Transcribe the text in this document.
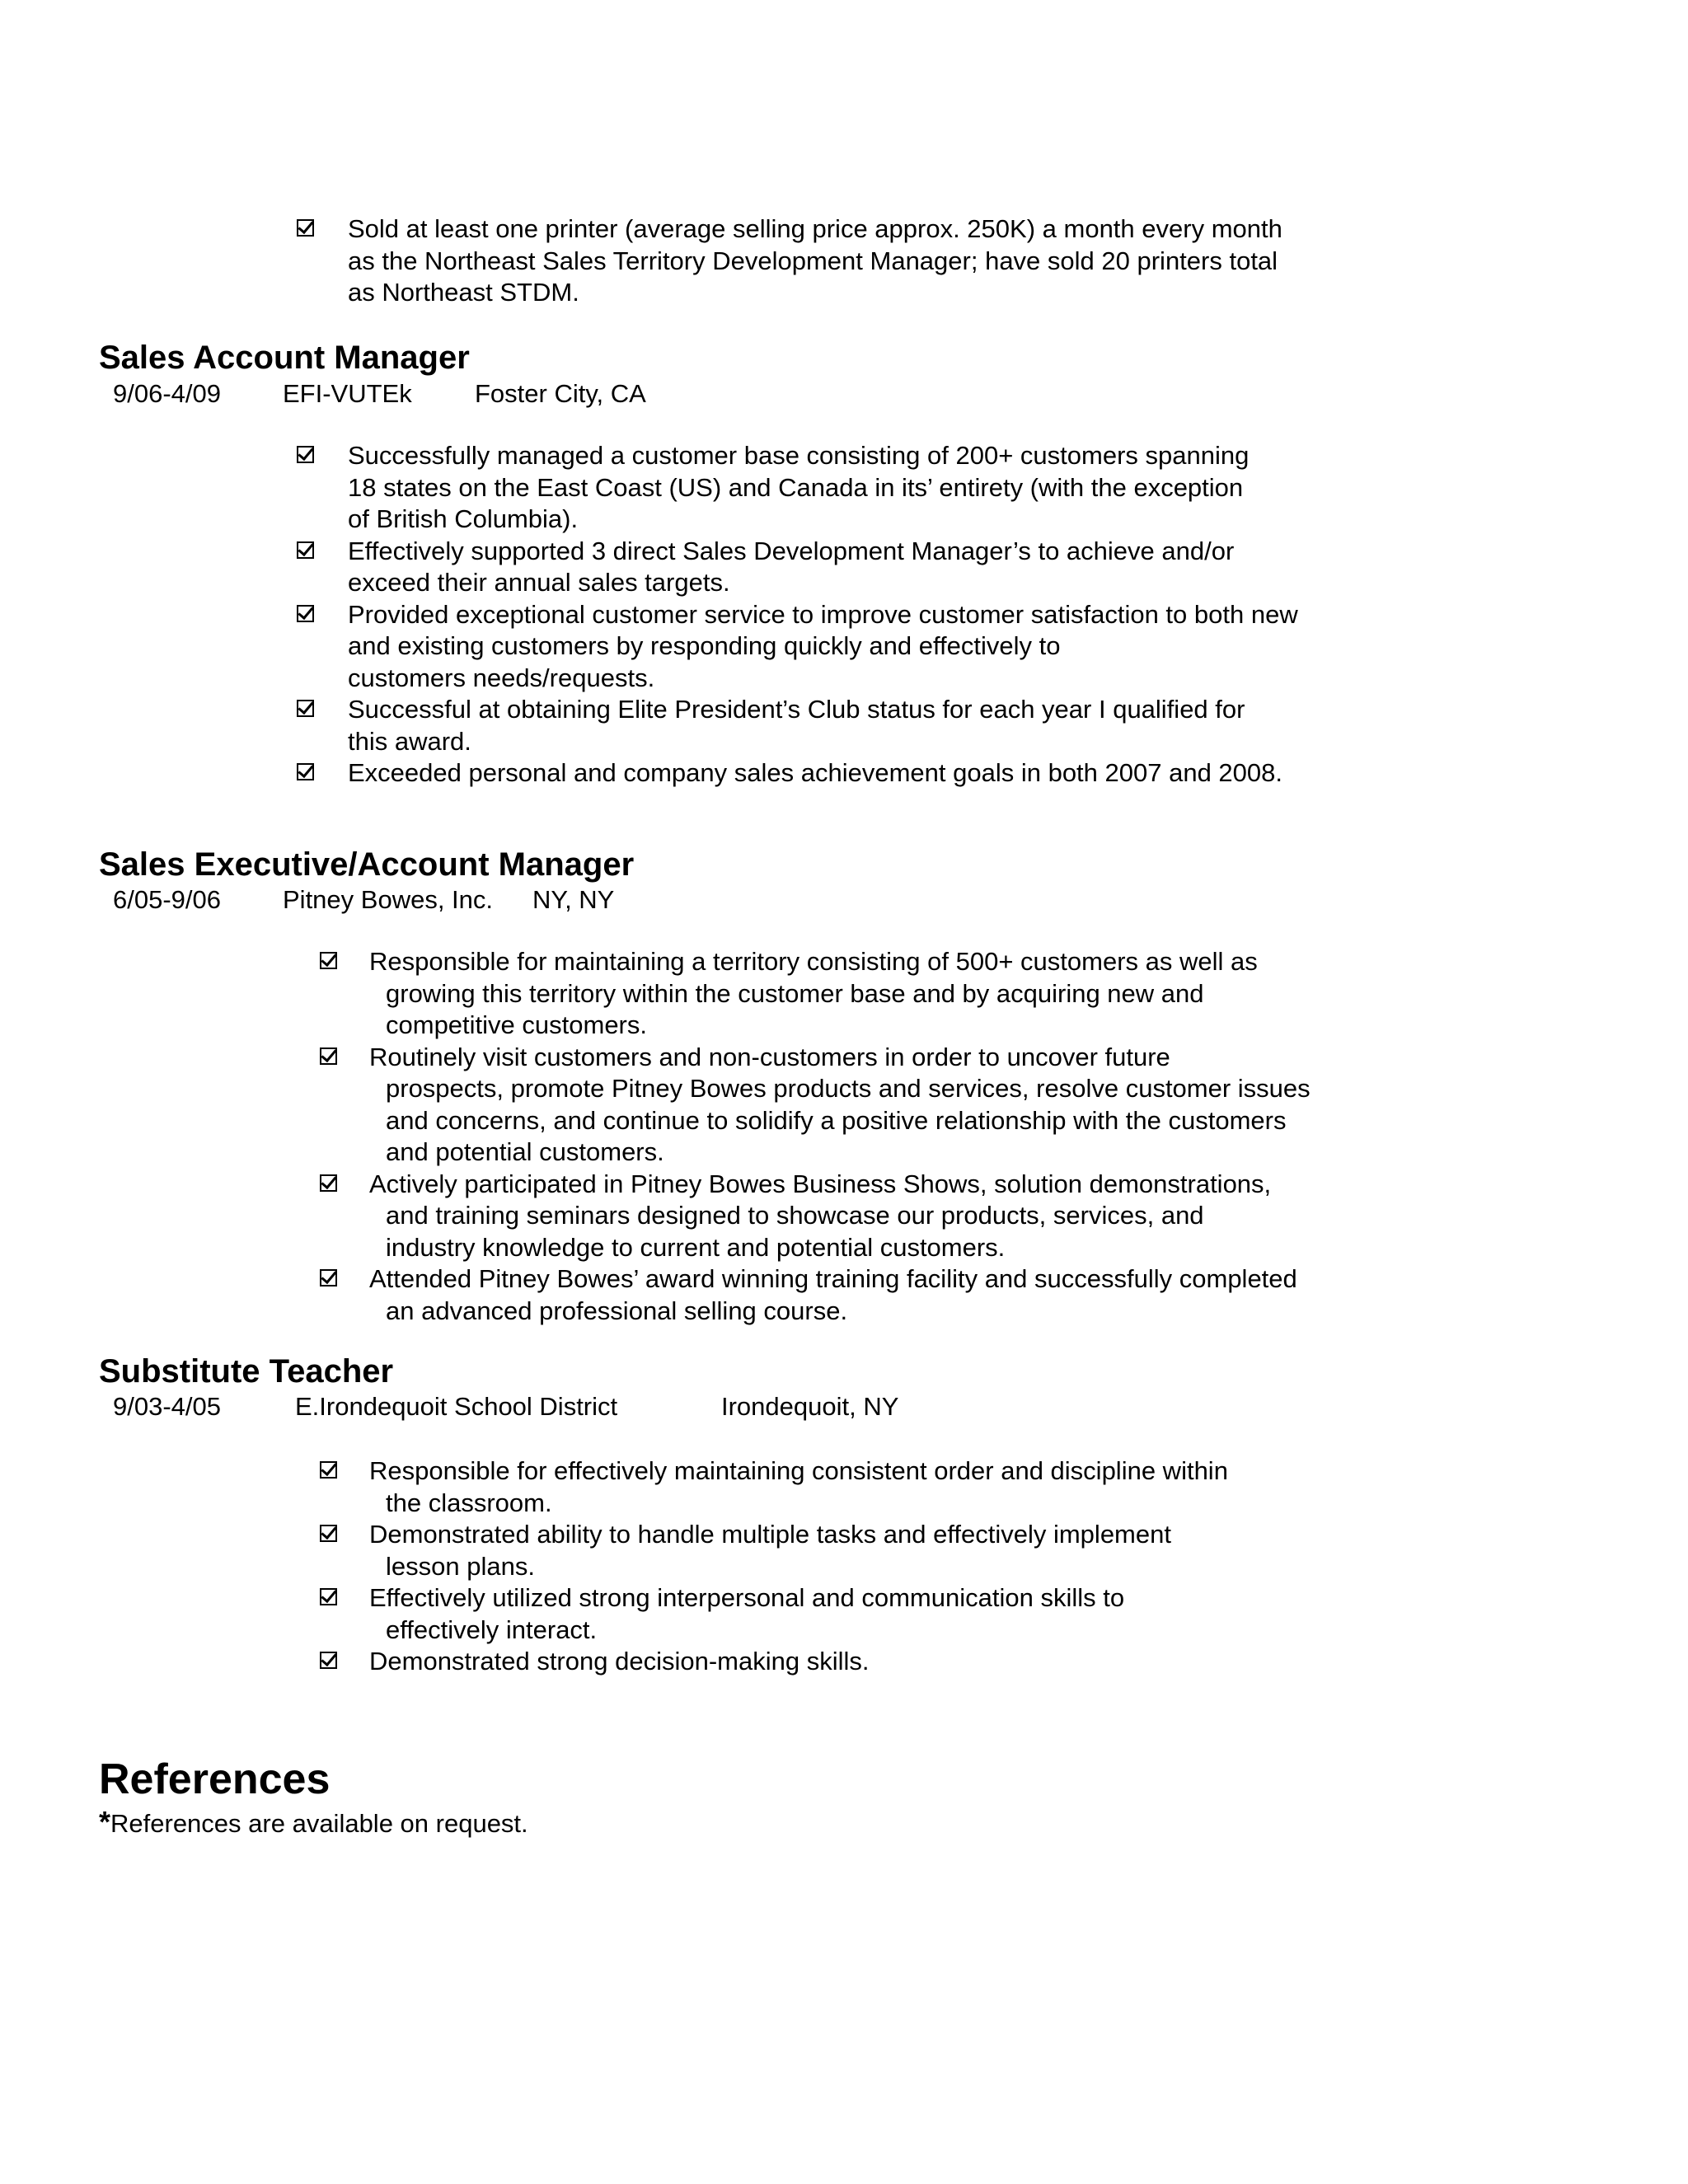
Sold at least one printer (average selling price approx. 250K) a month every month
as the Northeast Sales Territory Development Manager; have sold 20 printers total
as Northeast STDM.
Sales Account Manager
9/06-4/09 EFI-VUTEk Foster City, CA
Successfully managed a customer base consisting of 200+ customers spanning
18 states on the East Coast (US) and Canada in its’ entirety (with the exception
of British Columbia).
Effectively supported 3 direct Sales Development Manager’s to achieve and/or
exceed their annual sales targets.
Provided exceptional customer service to improve customer satisfaction to both new
and existing customers by responding quickly and effectively to
customers needs/requests.
Successful at obtaining Elite President’s Club status for each year I qualified for
this award.
Exceeded personal and company sales achievement goals in both 2007 and 2008.
Sales Executive/Account Manager
6/05-9/06 Pitney Bowes, Inc. NY, NY
Responsible for maintaining a territory consisting of 500+ customers as well as
growing this territory within the customer base and by acquiring new and
competitive customers.
Routinely visit customers and non-customers in order to uncover future
prospects, promote Pitney Bowes products and services, resolve customer issues
and concerns, and continue to solidify a positive relationship with the customers
and potential customers.
Actively participated in Pitney Bowes Business Shows, solution demonstrations,
and training seminars designed to showcase our products, services, and
industry knowledge to current and potential customers.
Attended Pitney Bowes’ award winning training facility and successfully completed
an advanced professional selling course.
Substitute Teacher
9/03-4/05	E.Irondequoit School District	Irondequoit, NY
Responsible for effectively maintaining consistent order and discipline within
the classroom.
Demonstrated ability to handle multiple tasks and effectively implement
lesson plans.
Effectively utilized strong interpersonal and communication skills to
effectively interact.
Demonstrated strong decision-making skills.
References
*References are available on request.
